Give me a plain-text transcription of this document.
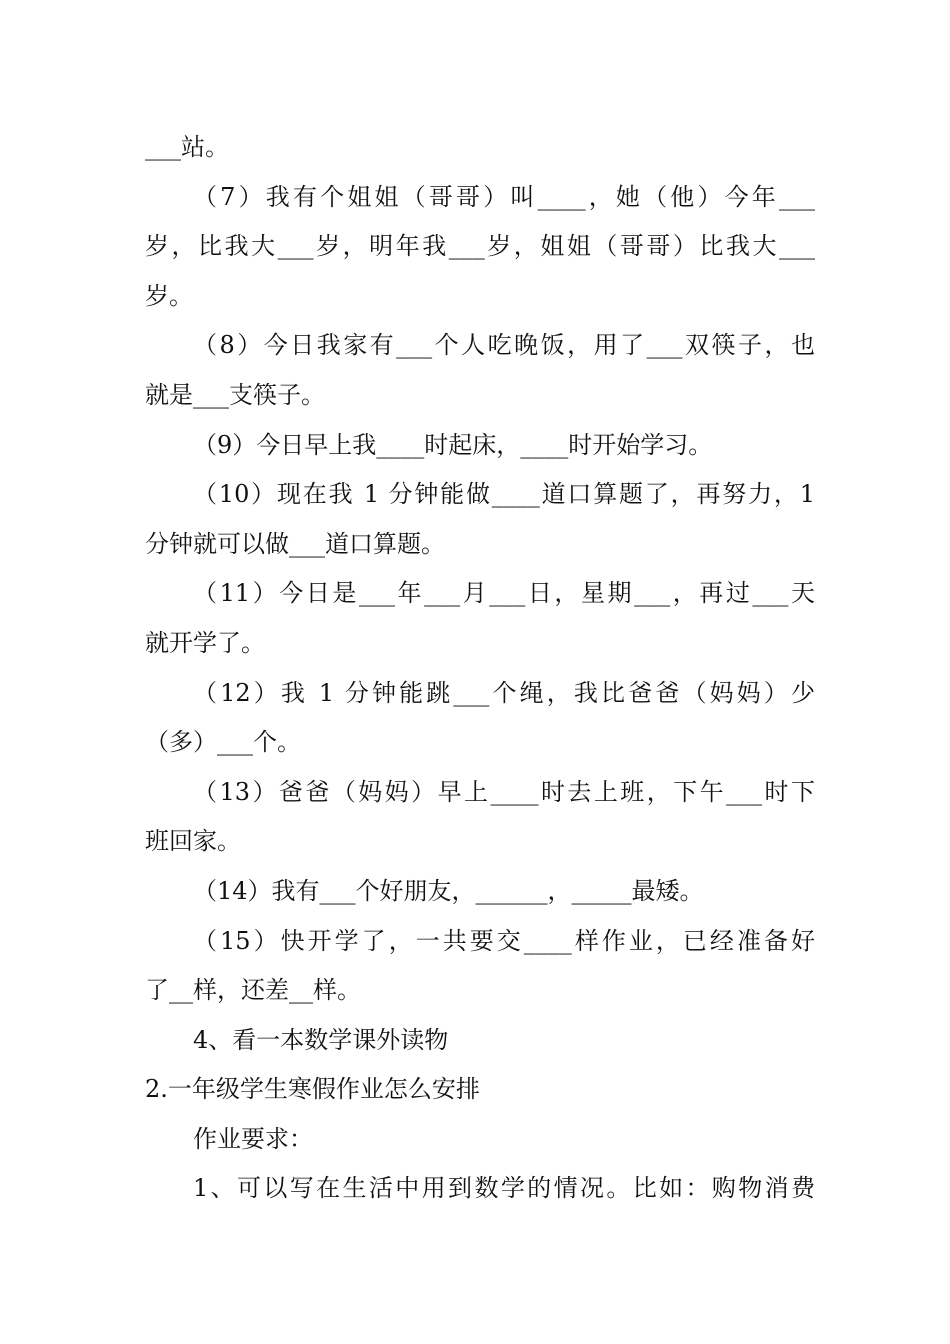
___站。
（7）我有个姐姐（哥哥）叫____，她（他）今年___
岁，比我大___岁，明年我___岁，姐姐（哥哥）比我大___
岁。
（8）今日我家有___个人吃晚饭，用了___双筷子，也
就是___支筷子。
（9）今日早上我____时起床，____时开始学习。
（10）现在我 1 分钟能做____道口算题了，再努力，1
分钟就可以做___道口算题。
（11）今日是___年___月___日，星期___，再过___天
就开学了。
（12）我 1 分钟能跳___个绳，我比爸爸（妈妈）少
（多）___个。
（13）爸爸（妈妈）早上____时去上班，下午___时下
班回家。
（14）我有___个好朋友，______，_____最矮。
（15）快开学了，一共要交____样作业，已经准备好
了__样，还差__样。
4、看一本数学课外读物
2.一年级学生寒假作业怎么安排
作业要求：
1、可以写在生活中用到数学的情况。比如：购物消费
